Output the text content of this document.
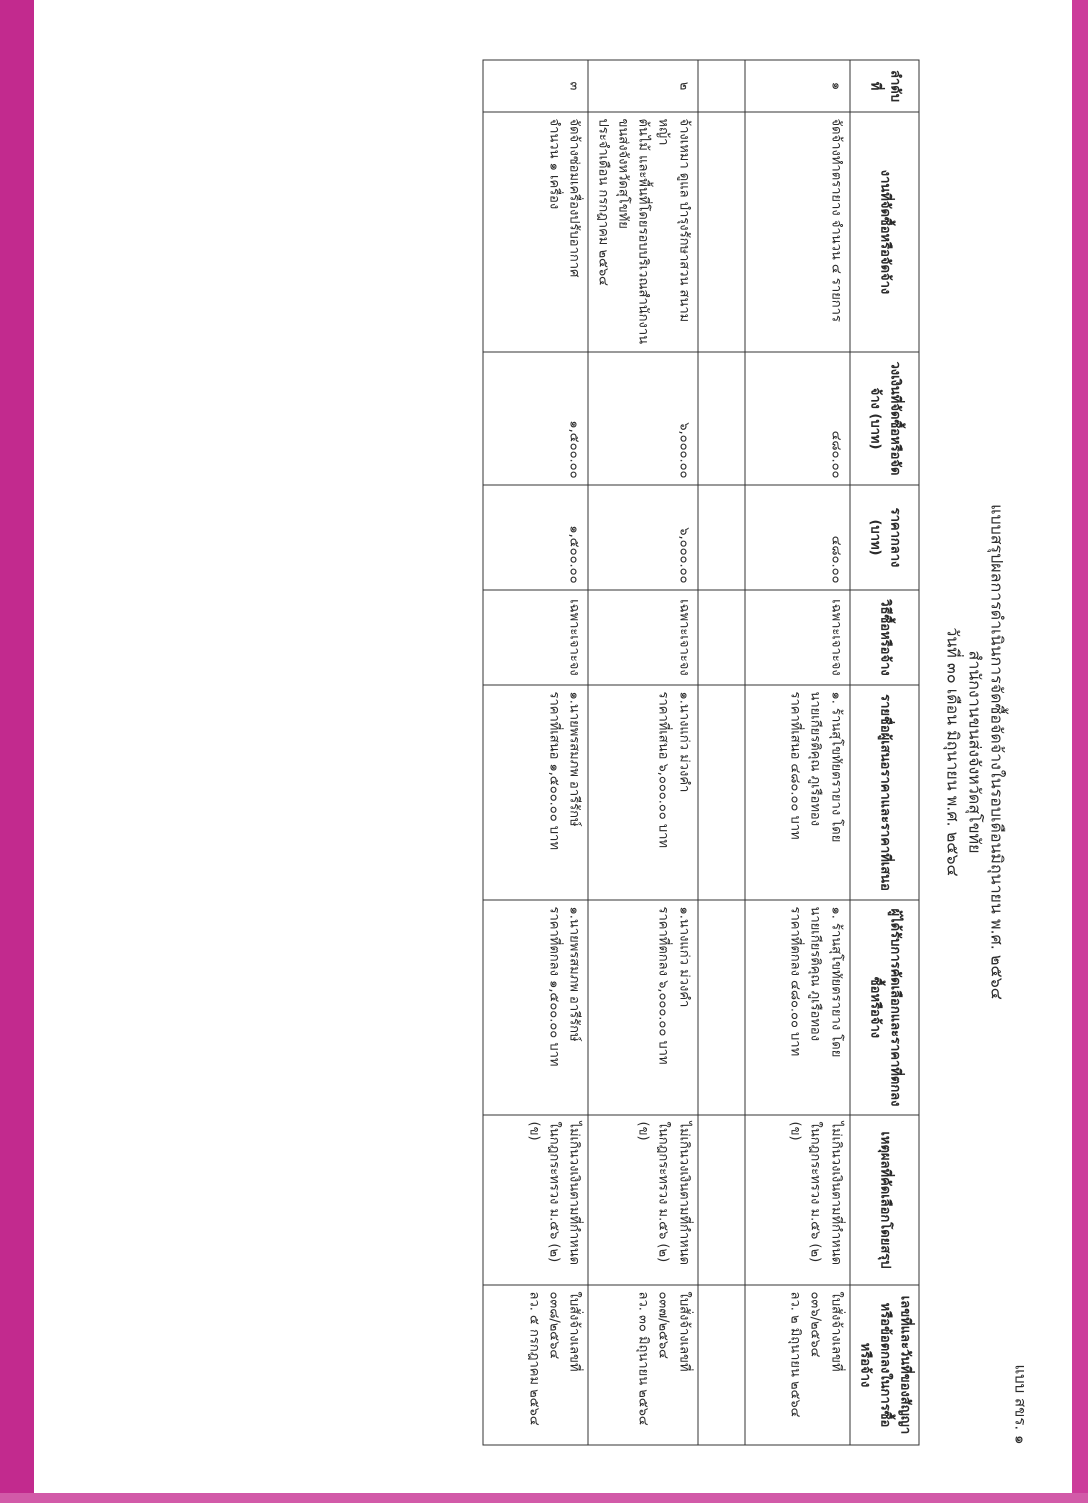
แบบ สขร. ๑
แบบสรุปผลการดำเนินการจัดซื้อจัดจ้างในรอบเดือนมิถุนายน พ.ศ. ๒๕๖๔
สำนักงานขนส่งจังหวัดสุโขทัย
วันที่ ๓๐ เดือน มิถุนายน พ.ศ. ๒๕๖๔
ลำดับที่	งานที่จัดซื้อหรือจัดจ้าง	วงเงินที่จัดซื้อหรือจัดจ้าง (บาท)	ราคากลาง (บาท)	วิธีซื้อหรือจ้าง	รายชื่อผู้เสนอราคาและราคาที่เสนอ	ผู้ได้รับการคัดเลือกและราคาที่ตกลงซื้อหรือจ้าง	เหตุผลที่คัดเลือกโดยสรุป	เลขที่และวันที่ของสัญญาหรือข้อตกลงในการซื้อหรือจ้าง
๑	จัดจ้างทำตรายาง จำนวน ๔ รายการ	๔๘๐.๐๐	๔๘๐.๐๐	เฉพาะเจาะจง	๑. ร้านสุโขทัยตรายาง โดย
นายเกียรติคุณ ภูเรือทอง
ราคาที่เสนอ ๔๘๐.๐๐ บาท	๑. ร้านสุโขทัยตรายาง โดย
นายเกียรติคุณ ภูเรือทอง
ราคาที่ตกลง ๔๘๐.๐๐ บาท	ไม่เกินวงเงินตามที่กำหนด
ในกฎกระทรวง ม.๕๖ (๒) (ข)	ใบสั่งจ้างเลขที่ ๐๓๖/๒๕๖๔
ลว. ๒ มิถุนายน ๒๕๖๔

๒	จ้างเหมา ดูแล บำรุงรักษาสวน สนามหญ้า
ต้นไม้ และพื้นที่โดยรอบบริเวณสำนักงาน
ขนส่งจังหวัดสุโขทัย
ประจำเดือน กรกฎาคม ๒๕๖๔	๖,๐๐๐.๐๐	๖,๐๐๐.๐๐	เฉพาะเจาะจง	๑.นางแก่ว ม่วงคำ
ราคาที่เสนอ ๖,๐๐๐.๐๐ บาท	๑.นางแก่ว ม่วงคำ
ราคาที่ตกลง ๖,๐๐๐.๐๐ บาท	ไม่เกินวงเงินตามที่กำหนด
ในกฎกระทรวง ม.๕๖ (๒) (ข)	ใบสั่งจ้างเลขที่ ๐๓๗/๒๕๖๔
ลว. ๓๐ มิถุนายน ๒๕๖๔

๓	จัดจ้างซ่อมเครื่องปรับอากาศ
จำนวน ๑ เครื่อง	๑,๕๐๐.๐๐	๑,๕๐๐.๐๐	เฉพาะเจาะจง	๑.นายพรสมภพ อารีรักษ์
ราคาที่เสนอ ๑,๕๐๐.๐๐ บาท	๑.นายพรสมภพ อารีรักษ์
ราคาที่ตกลง ๑,๕๐๐.๐๐ บาท	ไม่เกินวงเงินตามที่กำหนด
ในกฎกระทรวง ม.๕๖ (๒) (ข)	ใบสั่งจ้างเลขที่ ๐๓๘/๒๕๖๔
ลว. ๕ กรกฎาคม ๒๕๖๔
